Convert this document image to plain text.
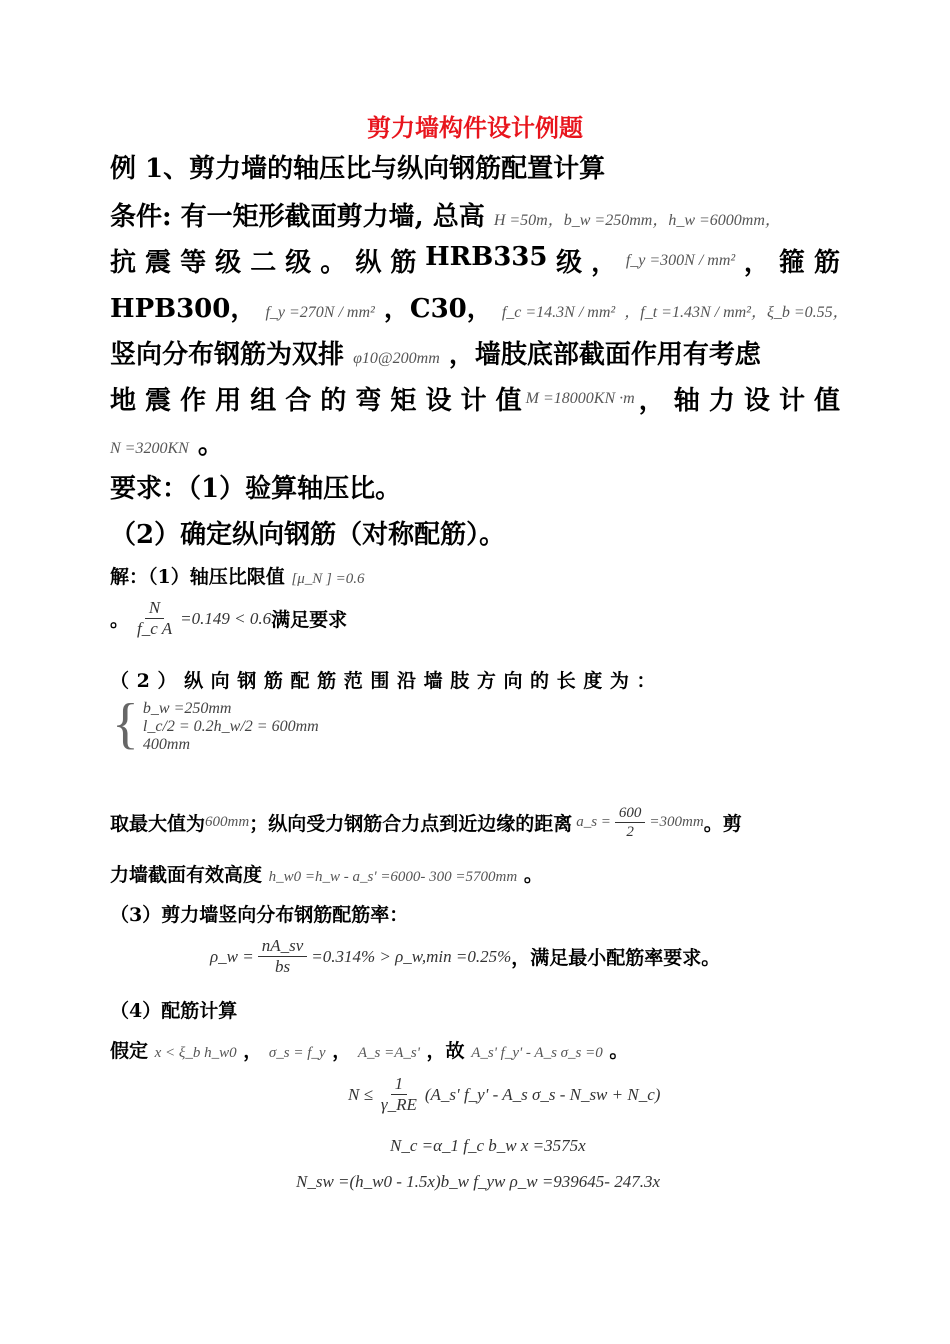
剪力墙构件设计例题
例 1、剪力墙的轴压比与纵向钢筋配置计算
条件: 有一矩形截面剪力墙, 总高 H =50m，b_w =250mm，h_w =6000mm，
抗 震 等 级 二 级 。 纵 筋 HRB335 级 ， f_y =300N / mm² ， 箍 筋
HPB300， f_y =270N / mm² ，C30， f_c =14.3N / mm² ，f_t =1.43N / mm²，ξ_b =0.55，
竖向分布钢筋为双排 φ10@200mm ，墙肢底部截面作用有考虑
地 震 作 用 组 合 的 弯 矩 设 计 值 M =18000KN ·m ， 轴 力 设 计 值
N =3200KN 。
要求：（1）验算轴压比。
（2）确定纵向钢筋（对称配筋）。
解：（1）轴压比限值 [μ_N ] =0.6
。 $\frac{N}{\text{f\_c A}} =0.149 < 0.6$ 满足要求
（ 2 ） 纵 向 钢 筋 配 筋 范 围 沿 墙 肢 方 向 的 长 度 为 ：
{ b_w =250mm
l_c/2 = 0.2h_w/2 = 600mm
400mm
取最大值为 600mm ；纵向受力钢筋合力点到近边缘的距离 a_s = $\frac{600}{2} =300mm$ 。剪
力墙截面有效高度 h_w0 =h_w - a_s' =6000- 300 =5700mm 。
（3）剪力墙竖向分布钢筋配筋率：
ρ_w = $\frac{nA\_sv}{bs} =0.314\%$ > ρ_w,min =0.25% ，满足最小配筋率要求。
（4）配筋计算
假定 x < ξ_b h_w0 ， σ_s = f_y ， A_s =A_s' ，故 A_s' f_y' - A_s σ_s =0 。
$N \le \frac{1}{\gamma\_RE}$ (A_s' f_y' - A_s σ_s - N_sw + N_c)
N_c =α_1 f_c b_w x =3575x
N_sw =(h_w0 - 1.5x)b_w f_yw ρ_w =939645- 247.3x
